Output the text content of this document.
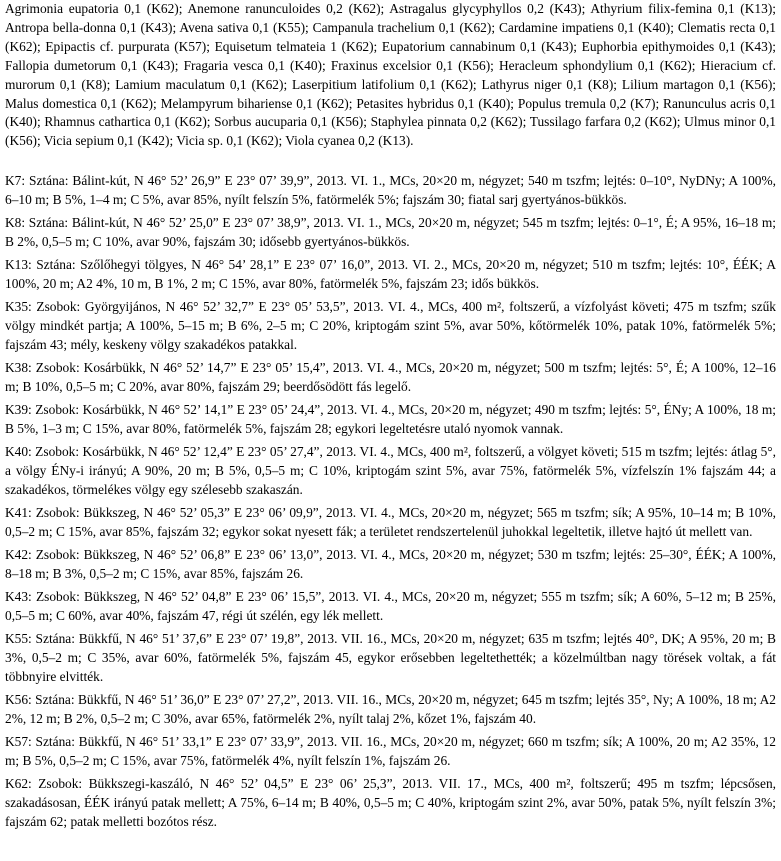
Agrimonia eupatoria 0,1 (K62); Anemone ranunculoides 0,2 (K62); Astragalus glycyphyllos 0,2 (K43); Athyrium filix-femina 0,1 (K13); Antropa bella-donna 0,1 (K43); Avena sativa 0,1 (K55); Campanula trachelium 0,1 (K62); Cardamine impatiens 0,1 (K40); Clematis recta 0,1 (K62); Epipactis cf. purpurata (K57); Equisetum telmateia 1 (K62); Eupatorium cannabinum 0,1 (K43); Euphorbia epithymoides 0,1 (K43); Fallopia dumetorum 0,1 (K43); Fragaria vesca 0,1 (K40); Fraxinus excelsior 0,1 (K56); Heracleum sphondylium 0,1 (K62); Hieracium cf. murorum 0,1 (K8); Lamium maculatum 0,1 (K62); Laserpitium latifolium 0,1 (K62); Lathyrus niger 0,1 (K8); Lilium martagon 0,1 (K56); Malus domestica 0,1 (K62); Melampyrum bihariense 0,1 (K62); Petasites hybridus 0,1 (K40); Populus tremula 0,2 (K7); Ranunculus acris 0,1 (K40); Rhamnus cathartica 0,1 (K62); Sorbus aucuparia 0,1 (K56); Staphylea pinnata 0,2 (K62); Tussilago farfara 0,2 (K62); Ulmus minor 0,1 (K56); Vicia sepium 0,1 (K42); Vicia sp. 0,1 (K62); Viola cyanea 0,2 (K13).

K7: Sztána: Bálint-kút, N 46° 52’ 26,9” E 23° 07’ 39,9”, 2013. VI. 1., MCs, 20×20 m, négyzet; 540 m tszfm; lejtés: 0–10°, NyDNy; A 100%, 6–10 m; B 5%, 1–4 m; C 5%, avar 85%, nyílt felszín 5%, fatörmelék 5%; fajszám 30; fiatal sarj gyertyános-bükkös.

K8: Sztána: Bálint-kút, N 46° 52’ 25,0” E 23° 07’ 38,9”, 2013. VI. 1., MCs, 20×20 m, négyzet; 545 m tszfm; lejtés: 0–1°, É; A 95%, 16–18 m; B 2%, 0,5–5 m; C 10%, avar 90%, fajszám 30; idősebb gyertyános-bükkös.

K13: Sztána: Szőlőhegyi tölgyes, N 46° 54’ 28,1” E 23° 07’ 16,0”, 2013. VI. 2., MCs, 20×20 m, négyzet; 510 m tszfm; lejtés: 10°, ÉÉK; A 100%, 20 m; A2 4%, 10 m, B 1%, 2 m; C 15%, avar 80%, fatörmelék 5%, fajszám 23; idős bükkös.

K35: Zsobok: Györgyijános, N 46° 52’ 32,7” E 23° 05’ 53,5”, 2013. VI. 4., MCs, 400 m², foltszerű, a vízfolyást követi; 475 m tszfm; szűk völgy mindkét partja; A 100%, 5–15 m; B 6%, 2–5 m; C 20%, kriptogám szint 5%, avar 50%, kőtörmelék 10%, patak 10%, fatörmelék 5%; fajszám 43; mély, keskeny völgy szakadékos patakkal.

K38: Zsobok: Kosárbükk, N 46° 52’ 14,7” E 23° 05’ 15,4”, 2013. VI. 4., MCs, 20×20 m, négyzet; 500 m tszfm; lejtés: 5°, É; A 100%, 12–16 m; B 10%, 0,5–5 m; C 20%, avar 80%, fajszám 29; beerdősödött fás legelő.

K39: Zsobok: Kosárbükk, N 46° 52’ 14,1” E 23° 05’ 24,4”, 2013. VI. 4., MCs, 20×20 m, négyzet; 490 m tszfm; lejtés: 5°, ÉNy; A 100%, 18 m; B 5%, 1–3 m; C 15%, avar 80%, fatörmelék 5%, fajszám 28; egykori legeltetésre utaló nyomok vannak.

K40: Zsobok: Kosárbükk, N 46° 52’ 12,4” E 23° 05’ 27,4”, 2013. VI. 4., MCs, 400 m², foltszerű, a völgyet követi; 515 m tszfm; lejtés: átlag 5°, a völgy ÉNy-i irányú; A 90%, 20 m; B 5%, 0,5–5 m; C 10%, kriptogám szint 5%, avar 75%, fatörmelék 5%, vízfelszín 1% fajszám 44; a szakadékos, törmelékes völgy egy szélesebb szakaszán.

K41: Zsobok: Bükkszeg, N 46° 52’ 05,3” E 23° 06’ 09,9”, 2013. VI. 4., MCs, 20×20 m, négyzet; 565 m tszfm; sík; A 95%, 10–14 m; B 10%, 0,5–2 m; C 15%, avar 85%, fajszám 32; egykor sokat nyesett fák; a területet rendszertelenül juhokkal legeltetik, illetve hajtó út mellett van.

K42: Zsobok: Bükkszeg, N 46° 52’ 06,8” E 23° 06’ 13,0”, 2013. VI. 4., MCs, 20×20 m, négyzet; 530 m tszfm; lejtés: 25–30°, ÉÉK; A 100%, 8–18 m; B 3%, 0,5–2 m; C 15%, avar 85%, fajszám 26.

K43: Zsobok: Bükkszeg, N 46° 52’ 04,8” E 23° 06’ 15,5”, 2013. VI. 4., MCs, 20×20 m, négyzet; 555 m tszfm; sík; A 60%, 5–12 m; B 25%, 0,5–5 m; C 60%, avar 40%, fajszám 47, régi út szélén, egy lék mellett.

K55: Sztána: Bükkfű, N 46° 51’ 37,6” E 23° 07’ 19,8”, 2013. VII. 16., MCs, 20×20 m, négyzet; 635 m tszfm; lejtés 40°, DK; A 95%, 20 m; B 3%, 0,5–2 m; C 35%, avar 60%, fatörmelék 5%, fajszám 45, egykor erősebben legeltethették; a közelmúltban nagy törések voltak, a fát többnyire elvitték.

K56: Sztána: Bükkfű, N 46° 51’ 36,0” E 23° 07’ 27,2”, 2013. VII. 16., MCs, 20×20 m, négyzet; 645 m tszfm; lejtés 35°, Ny; A 100%, 18 m; A2 2%, 12 m; B 2%, 0,5–2 m; C 30%, avar 65%, fatörmelék 2%, nyílt talaj 2%, kőzet 1%, fajszám 40.

K57: Sztána: Bükkfű, N 46° 51’ 33,1” E 23° 07’ 33,9”, 2013. VII. 16., MCs, 20×20 m, négyzet; 660 m tszfm; sík; A 100%, 20 m; A2 35%, 12 m; B 5%, 0,5–2 m; C 15%, avar 75%, fatörmelék 4%, nyílt felszín 1%, fajszám 26.

K62: Zsobok: Bükkszegi-kaszáló, N 46° 52’ 04,5” E 23° 06’ 25,3”, 2013. VII. 17., MCs, 400 m², foltszerű; 495 m tszfm; lépcsősen, szakadásosan, ÉÉK irányú patak mellett; A 75%, 6–14 m; B 40%, 0,5–5 m; C 40%, kriptogám szint 2%, avar 50%, patak 5%, nyílt felszín 3%; fajszám 62; patak melletti bozótos rész.
